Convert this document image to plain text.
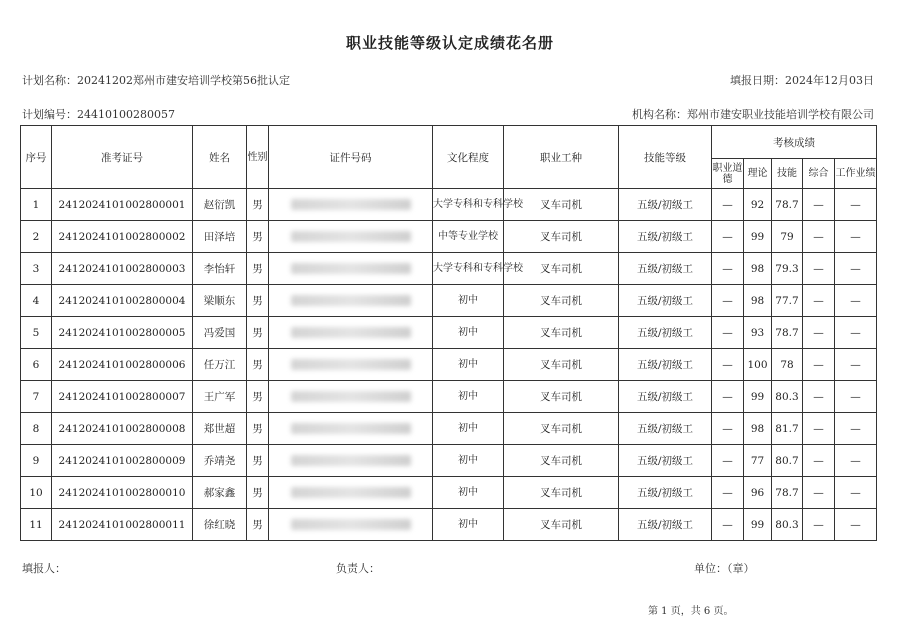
职业技能等级认定成绩花名册
计划名称：20241202郑州市建安培训学校第56批认定	填报日期：2024年12月03日
计划编号：24410100280057	机构名称：郑州市建安职业技能培训学校有限公司
序号	准考证号	姓名	性别	证件号码	文化程度	职业工种	技能等级	考核成绩				
								职业道德	理论	技能	综合	工作业绩
1	2412024101002800001	赵衍凯	男		大学专科和专科学校	叉车司机	五级/初级工	—	92	78.7	—	—
2	2412024101002800002	田泽培	男		中等专业学校	叉车司机	五级/初级工	—	99	79	—	—
3	2412024101002800003	李怡轩	男		大学专科和专科学校	叉车司机	五级/初级工	—	98	79.3	—	—
4	2412024101002800004	梁顺东	男		初中	叉车司机	五级/初级工	—	98	77.7	—	—
5	2412024101002800005	冯爱国	男		初中	叉车司机	五级/初级工	—	93	78.7	—	—
6	2412024101002800006	任万江	男		初中	叉车司机	五级/初级工	—	100	78	—	—
7	2412024101002800007	王广军	男		初中	叉车司机	五级/初级工	—	99	80.3	—	—
8	2412024101002800008	郑世超	男		初中	叉车司机	五级/初级工	—	98	81.7	—	—
9	2412024101002800009	乔靖尧	男		初中	叉车司机	五级/初级工	—	77	80.7	—	—
10	2412024101002800010	郝家鑫	男		初中	叉车司机	五级/初级工	—	96	78.7	—	—
11	2412024101002800011	徐红晓	男		初中	叉车司机	五级/初级工	—	99	80.3	—	—
填报人：	负责人：	单位：（章）
第 1 页，共 6 页。
